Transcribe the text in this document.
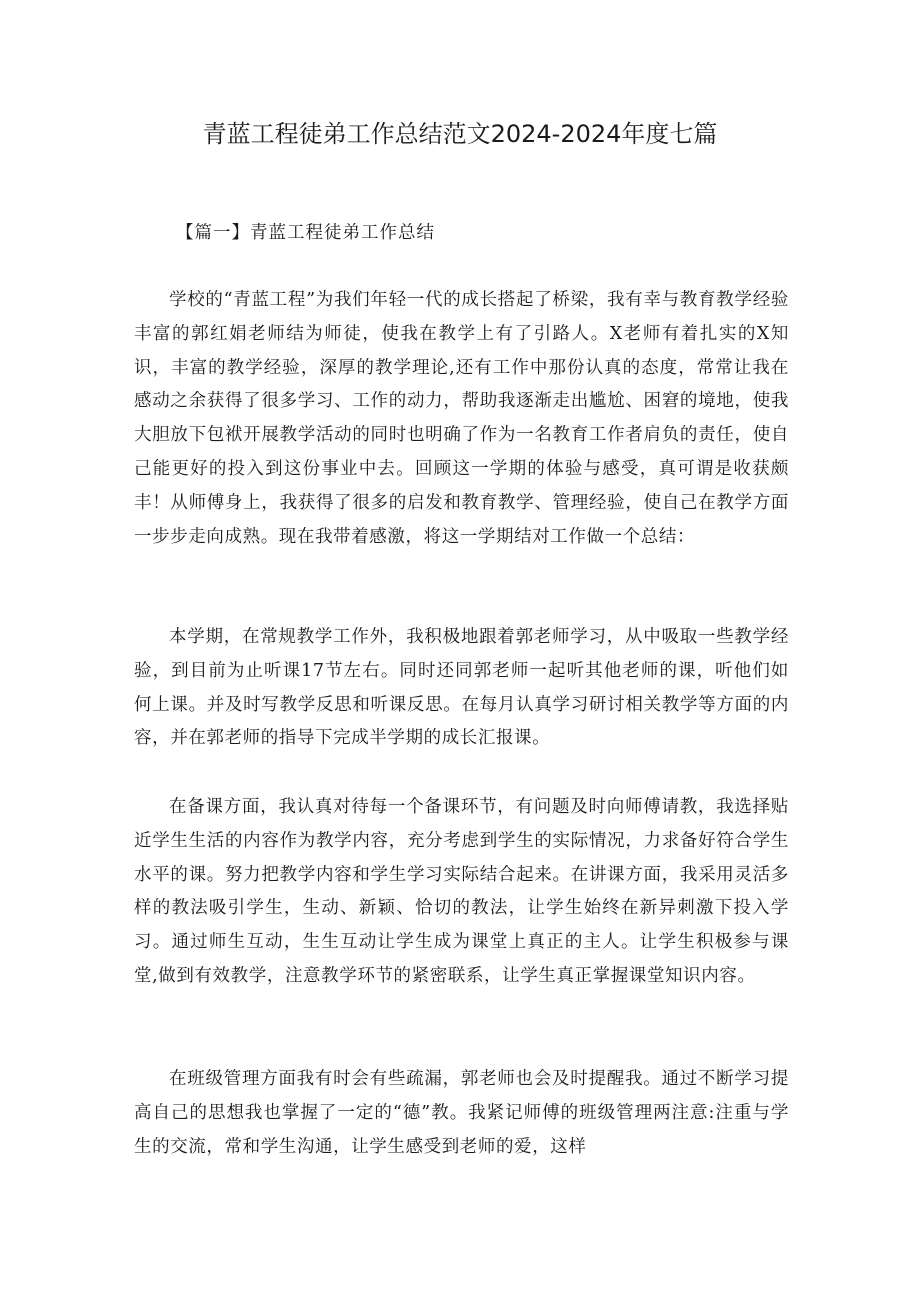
青蓝工程徒弟工作总结范文2024-2024年度七篇
【篇一】青蓝工程徒弟工作总结

学校的“青蓝工程”为我们年轻一代的成长搭起了桥梁，我有幸与教育教学经验丰富的郭红娟老师结为师徒，使我在教学上有了引路人。X老师有着扎实的X知识，丰富的教学经验，深厚的教学理论,还有工作中那份认真的态度，常常让我在感动之余获得了很多学习、工作的动力，帮助我逐渐走出尴尬、困窘的境地，使我大胆放下包袱开展教学活动的同时也明确了作为一名教育工作者肩负的责任，使自己能更好的投入到这份事业中去。回顾这一学期的体验与感受，真可谓是收获颇丰！从师傅身上，我获得了很多的启发和教育教学、管理经验，使自己在教学方面一步步走向成熟。现在我带着感激，将这一学期结对工作做一个总结：

本学期，在常规教学工作外，我积极地跟着郭老师学习，从中吸取一些教学经验，到目前为止听课17节左右。同时还同郭老师一起听其他老师的课，听他们如何上课。并及时写教学反思和听课反思。在每月认真学习研讨相关教学等方面的内容，并在郭老师的指导下完成半学期的成长汇报课。

在备课方面，我认真对待每一个备课环节，有问题及时向师傅请教，我选择贴近学生生活的内容作为教学内容，充分考虑到学生的实际情况，力求备好符合学生水平的课。努力把教学内容和学生学习实际结合起来。在讲课方面，我采用灵活多样的教法吸引学生，生动、新颖、恰切的教法，让学生始终在新异刺激下投入学习。通过师生互动，生生互动让学生成为课堂上真正的主人。让学生积极参与课堂,做到有效教学，注意教学环节的紧密联系，让学生真正掌握课堂知识内容。

在班级管理方面我有时会有些疏漏，郭老师也会及时提醒我。通过不断学习提高自己的思想我也掌握了一定的“德”教。我紧记师傅的班级管理两注意:注重与学生的交流，常和学生沟通，让学生感受到老师的爱，这样
